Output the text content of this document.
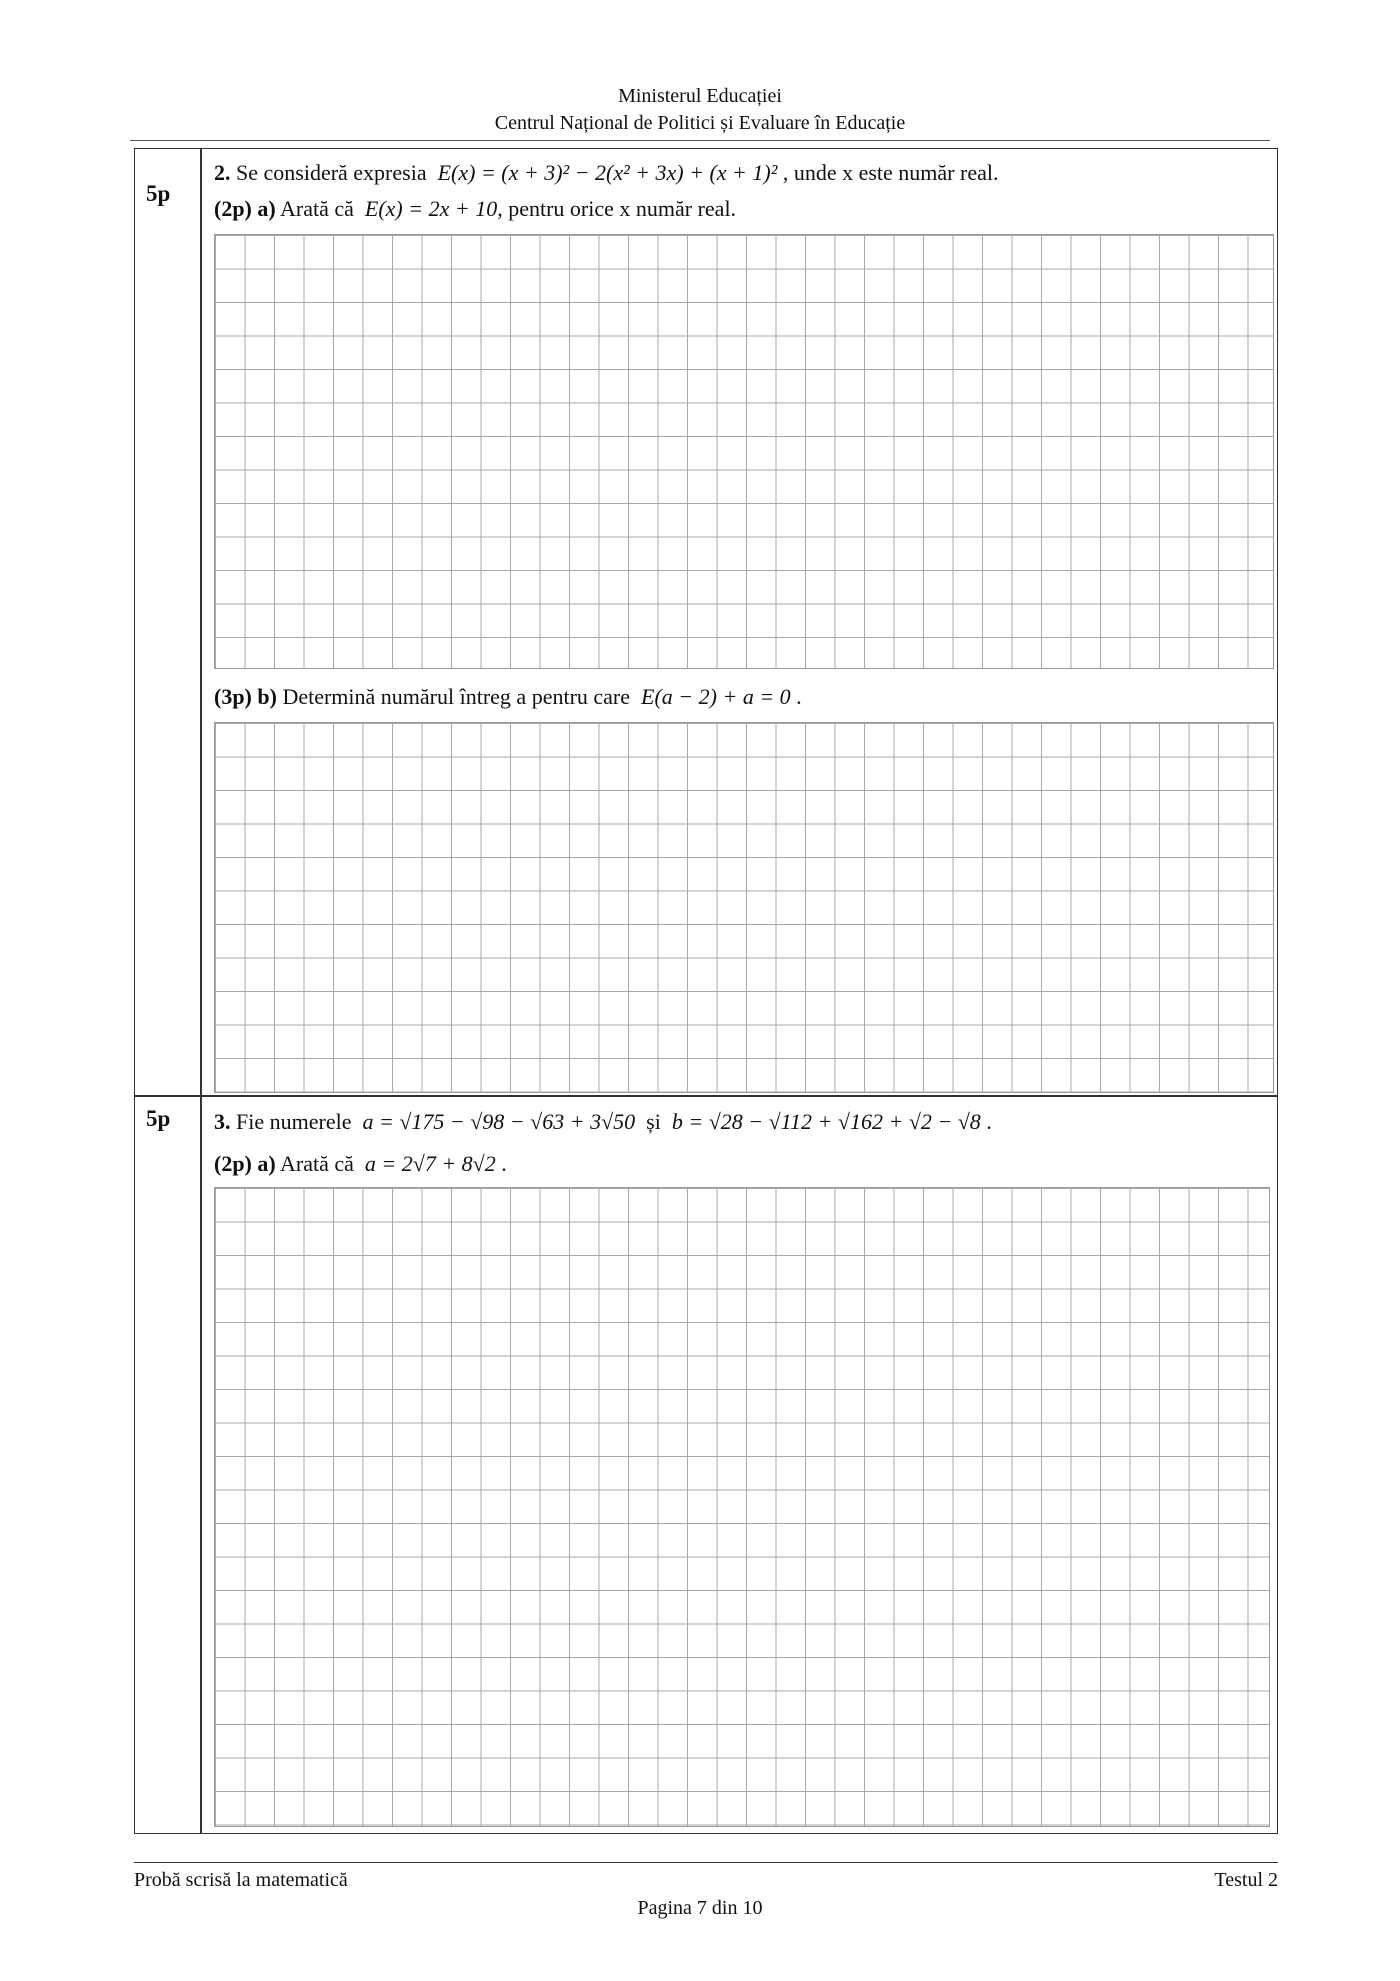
Ministerul Educației
Centrul Național de Politici și Evaluare în Educație
5p
2. Se consideră expresia E(x) = (x + 3)² − 2(x² + 3x) + (x + 1)² , unde x este număr real.
(2p) a) Arată că E(x) = 2x + 10, pentru orice x număr real.
(3p) b) Determină numărul întreg a pentru care E(a − 2) + a = 0 .
5p 3. Fie numerele a = √175 − √98 − √63 + 3√50 și b = √28 − √112 + √162 + √2 − √8 .
(2p) a) Arată că a = 2√7 + 8√2 .
Probă scrisă la matematică	Testul 2
Pagina 7 din 10
